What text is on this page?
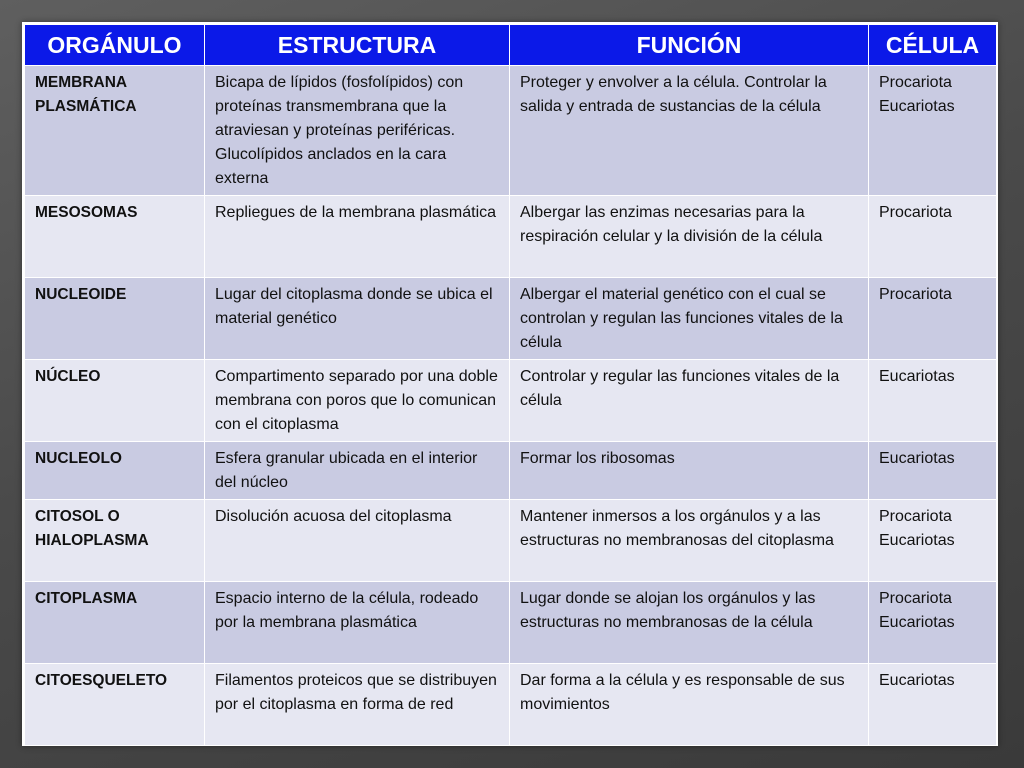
ORGÁNULO	ESTRUCTURA	FUNCIÓN	CÉLULA
MEMBRANA PLASMÁTICA	Bicapa de lípidos (fosfolípidos) con proteínas transmembrana que la atraviesan y proteínas periféricas. Glucolípidos anclados en la cara externa	Proteger y envolver a la célula. Controlar la salida y entrada de sustancias de la célula	Procariota Eucariotas
MESOSOMAS	Repliegues de la membrana plasmática	Albergar las enzimas necesarias para la respiración celular y la división de la célula	Procariota
NUCLEOIDE	Lugar del citoplasma donde se ubica el material genético	Albergar el material genético con el cual se controlan y regulan las funciones vitales de la célula	Procariota
NÚCLEO	Compartimento separado por una doble membrana con poros que lo comunican con el citoplasma	Controlar y regular las funciones vitales de la célula	Eucariotas
NUCLEOLO	Esfera granular ubicada en el interior del núcleo	Formar los ribosomas	Eucariotas
CITOSOL O HIALOPLASMA	Disolución acuosa del citoplasma	Mantener inmersos a los orgánulos y a las estructuras no membranosas del citoplasma	Procariota Eucariotas
CITOPLASMA	Espacio interno de la célula, rodeado por la membrana plasmática	Lugar donde se alojan los orgánulos y las estructuras no membranosas de la célula	Procariota Eucariotas
CITOESQUELETO	Filamentos proteicos que se distribuyen por el citoplasma en forma de red	Dar forma a la célula y es responsable de sus movimientos	Eucariotas
